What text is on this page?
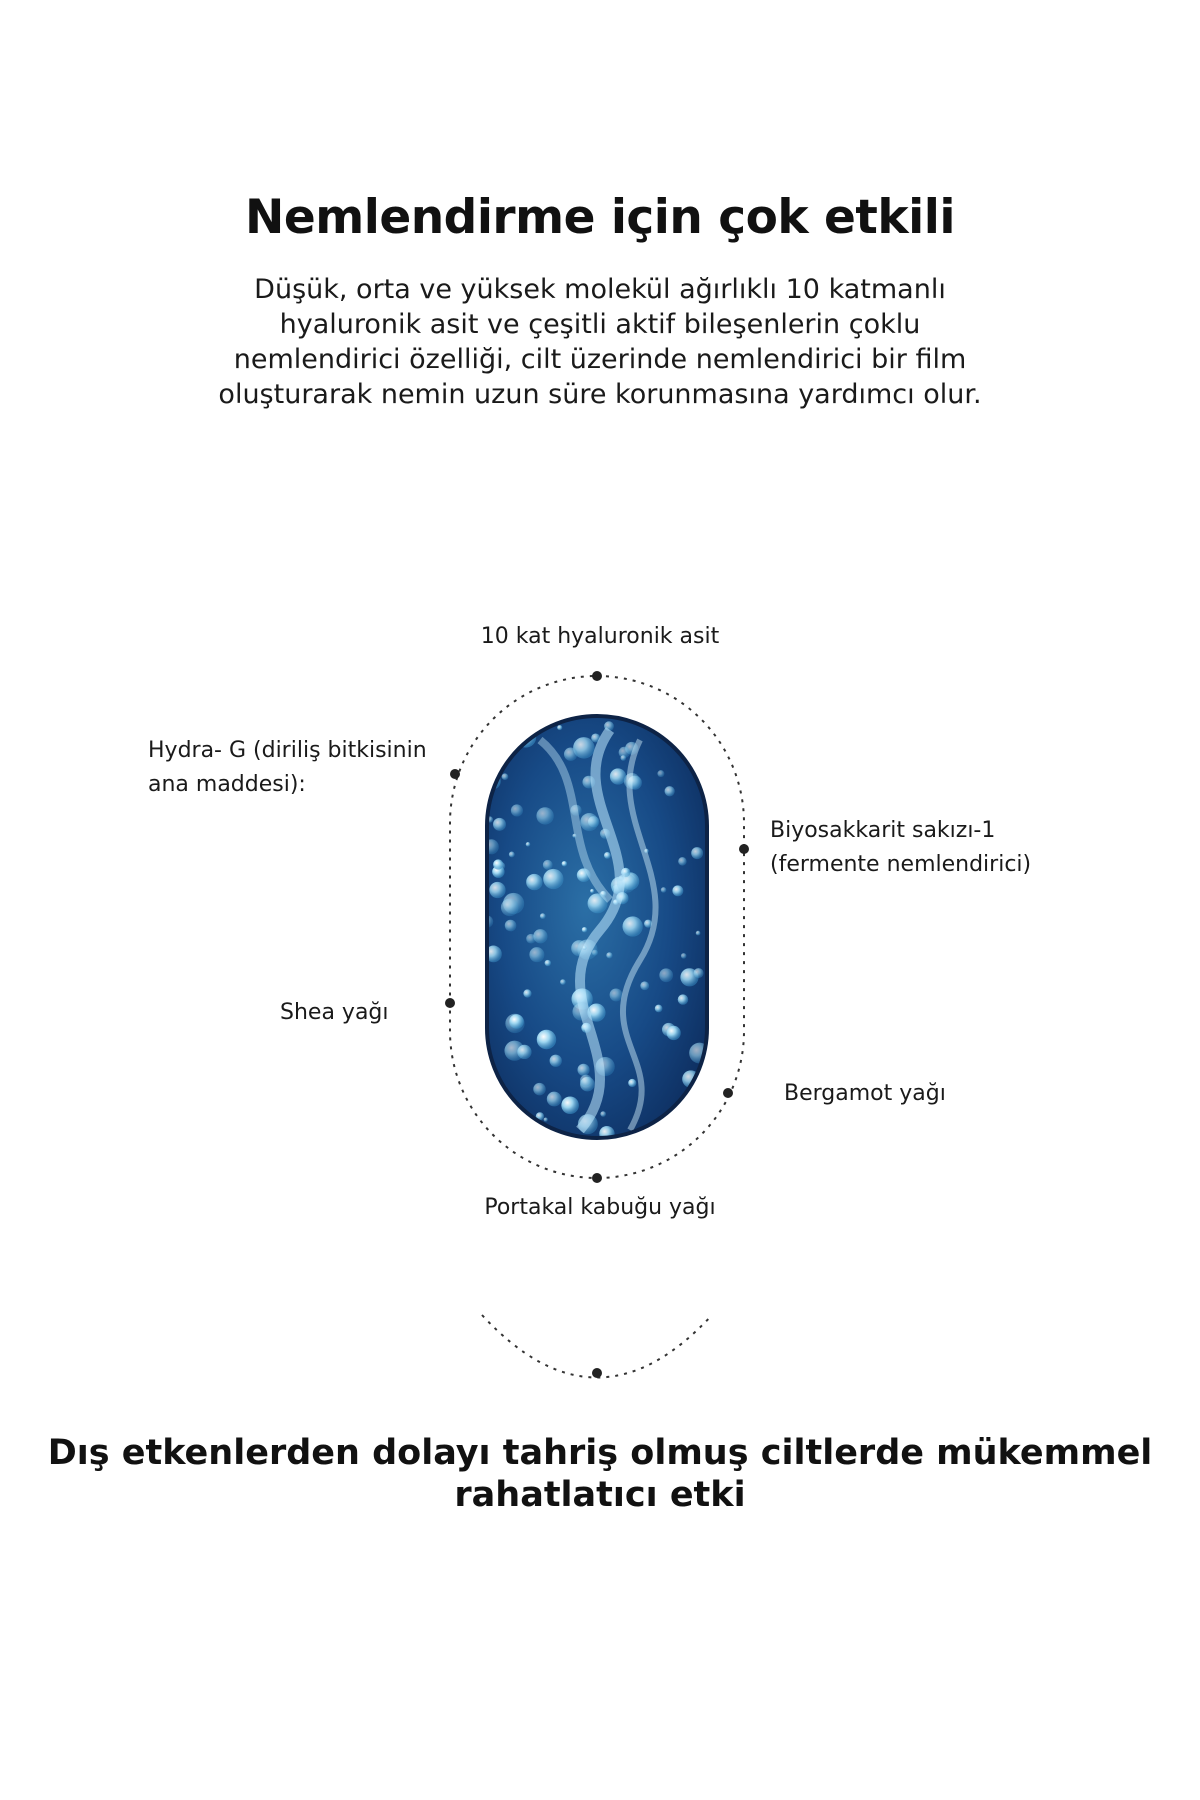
Nemlendirme için çok etkili

Düşük, orta ve yüksek molekül ağırlıklı 10 katmanlı hyaluronik asit ve çeşitli aktif bileşenlerin çoklu nemlendirici özelliği, cilt üzerinde nemlendirici bir film oluşturarak nemin uzun süre korunmasına yardımcı olur.

10 kat hyaluronik asit
Hydra- G (diriliş bitkisinin ana maddesi):
Biyosakkarit sakızı-1 (fermente nemlendirici)
Shea yağı
Bergamot yağı
Portakal kabuğu yağı
Dış etkenlerden dolayı tahriş olmuş ciltlerde mükemmel rahatlatıcı etki
